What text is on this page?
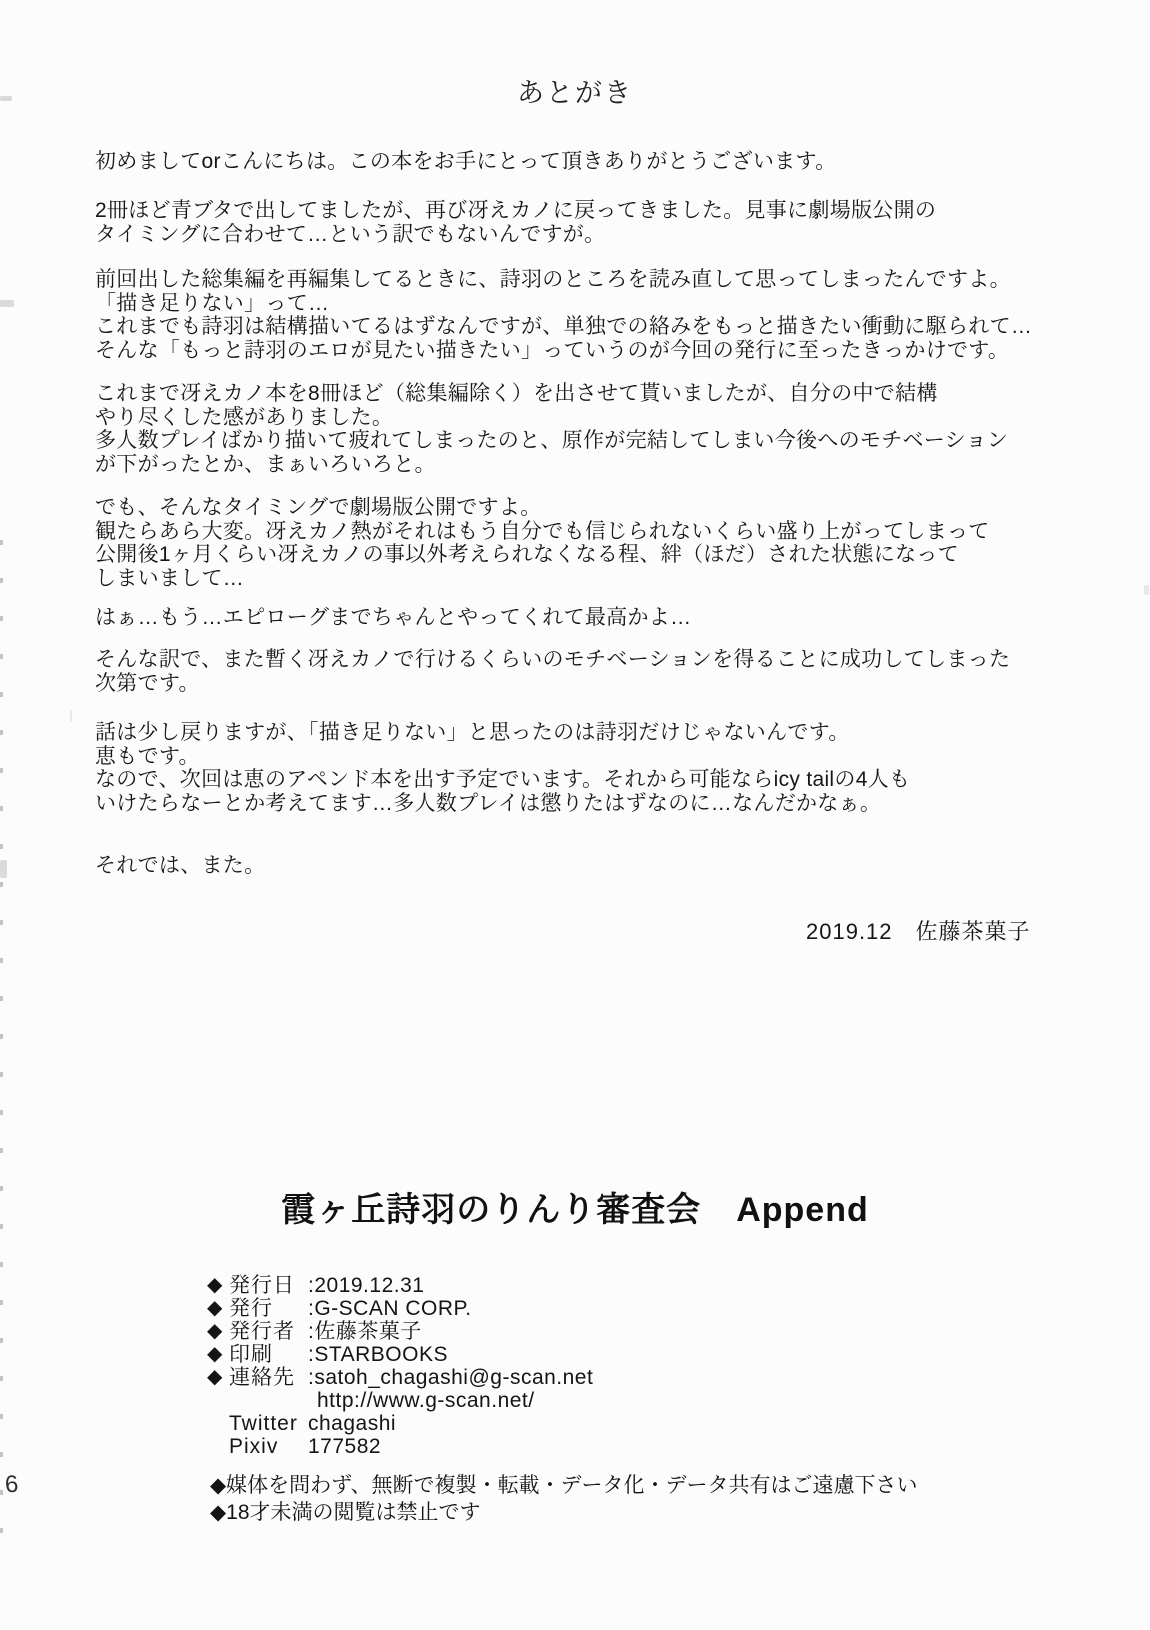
あとがき
初めましてorこんにちは。この本をお手にとって頂きありがとうございます。
2冊ほど青ブタで出してましたが、再び冴えカノに戻ってきました。見事に劇場版公開の
タイミングに合わせて…という訳でもないんですが。
前回出した総集編を再編集してるときに、詩羽のところを読み直して思ってしまったんですよ。
「描き足りない」って…
これまでも詩羽は結構描いてるはずなんですが、単独での絡みをもっと描きたい衝動に駆られて…
そんな「もっと詩羽のエロが見たい描きたい」っていうのが今回の発行に至ったきっかけです。
これまで冴えカノ本を8冊ほど（総集編除く）を出させて貰いましたが、自分の中で結構
やり尽くした感がありました。
多人数プレイばかり描いて疲れてしまったのと、原作が完結してしまい今後へのモチベーション
が下がったとか、まぁいろいろと。
でも、そんなタイミングで劇場版公開ですよ。
観たらあら大変。冴えカノ熱がそれはもう自分でも信じられないくらい盛り上がってしまって
公開後1ヶ月くらい冴えカノの事以外考えられなくなる程、絆（ほだ）された状態になって
しまいまして…
はぁ…もう…エピローグまでちゃんとやってくれて最高かよ…
そんな訳で、また暫く冴えカノで行けるくらいのモチベーションを得ることに成功してしまった
次第です。
話は少し戻りますが、「描き足りない」と思ったのは詩羽だけじゃないんです。
恵もです。
なので、次回は恵のアペンド本を出す予定でいます。それから可能ならicy tailの4人も
いけたらなーとか考えてます…多人数プレイは懲りたはずなのに…なんだかなぁ。
それでは、また。
2019.12　佐藤茶菓子
霞ヶ丘詩羽のりんり審査会　Append
◆ 発行日 :2019.12.31
◆ 発行	:G-SCAN CORP.
◆ 発行者 :佐藤茶菓子
◆ 印刷	:STARBOOKS
◆ 連絡先 :satoh_chagashi@g-scan.net
http://www.g-scan.net/
Twitter chagashi
Pixiv	177582
◆媒体を問わず、無断で複製・転載・データ化・データ共有はご遠慮下さい
◆18才未満の閲覧は禁止です
6
